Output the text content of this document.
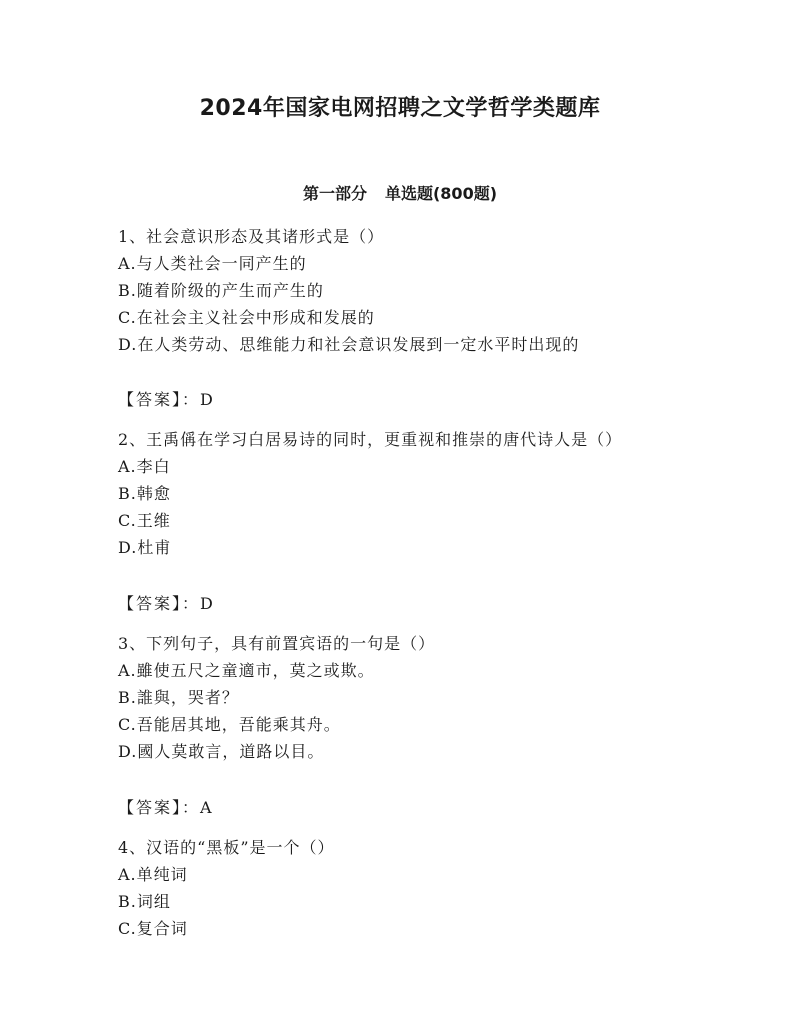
2024年国家电网招聘之文学哲学类题库
第一部分 单选题(800题)
1、社会意识形态及其诸形式是（）
A.与人类社会一同产生的
B.随着阶级的产生而产生的
C.在社会主义社会中形成和发展的
D.在人类劳动、思维能力和社会意识发展到一定水平时出现的
【答案】：D
2、王禹偁在学习白居易诗的同时，更重视和推崇的唐代诗人是（）
A.李白
B.韩愈
C.王维
D.杜甫
【答案】：D
3、下列句子，具有前置宾语的一句是（）
A.雖使五尺之童適市，莫之或欺。
B.誰與，哭者？
C.吾能居其地，吾能乘其舟。
D.國人莫敢言，道路以目。
【答案】：A
4、汉语的“黑板”是一个（）
A.单纯词
B.词组
C.复合词
